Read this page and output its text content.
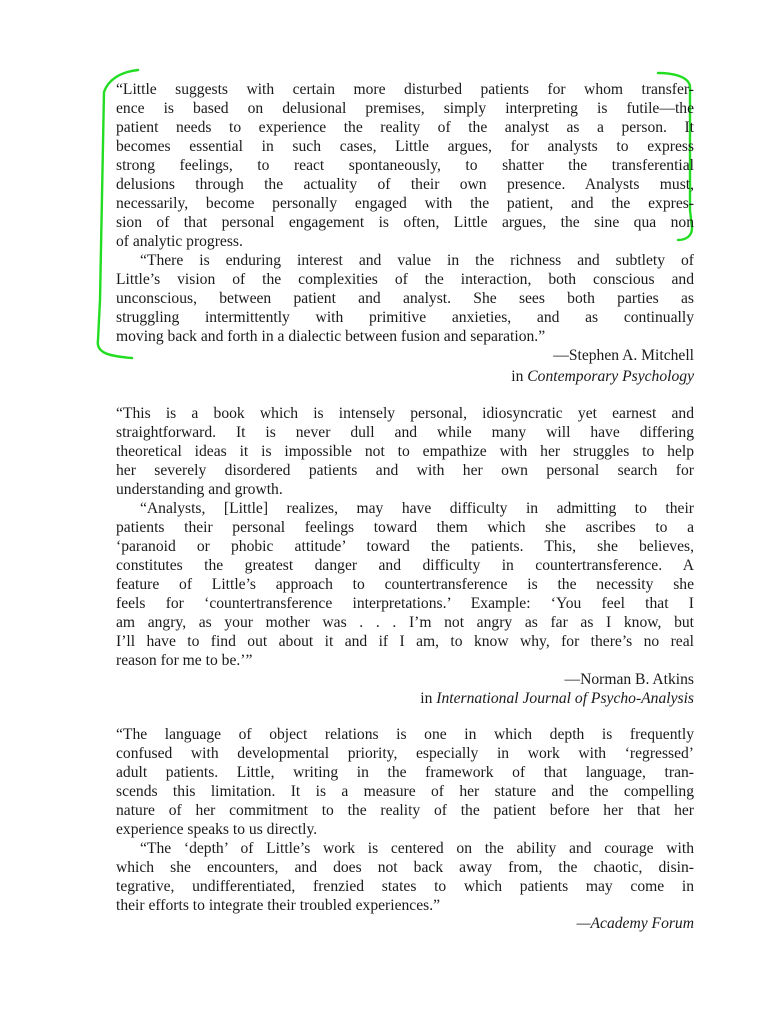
“Little suggests with certain more disturbed patients for whom transfer-
ence is based on delusional premises, simply interpreting is futile—the
patient needs to experience the reality of the analyst as a person. It
becomes essential in such cases, Little argues, for analysts to express
strong feelings, to react spontaneously, to shatter the transferential
delusions through the actuality of their own presence. Analysts must,
necessarily, become personally engaged with the patient, and the expres-
sion of that personal engagement is often, Little argues, the sine qua non
of analytic progress.
“There is enduring interest and value in the richness and subtlety of
Little’s vision of the complexities of the interaction, both conscious and
unconscious, between patient and analyst. She sees both parties as
struggling intermittently with primitive anxieties, and as continually
moving back and forth in a dialectic between fusion and separation.”
—Stephen A. Mitchell
in Contemporary Psychology
“This is a book which is intensely personal, idiosyncratic yet earnest and
straightforward. It is never dull and while many will have differing
theoretical ideas it is impossible not to empathize with her struggles to help
her severely disordered patients and with her own personal search for
understanding and growth.
“Analysts, [Little] realizes, may have difficulty in admitting to their
patients their personal feelings toward them which she ascribes to a
‘paranoid or phobic attitude’ toward the patients. This, she believes,
constitutes the greatest danger and difficulty in countertransference. A
feature of Little’s approach to countertransference is the necessity she
feels for ‘countertransference interpretations.’ Example: ‘You feel that I
am angry, as your mother was . . . I’m not angry as far as I know, but
I’ll have to find out about it and if I am, to know why, for there’s no real
reason for me to be.’”
—Norman B. Atkins
in International Journal of Psycho-Analysis
“The language of object relations is one in which depth is frequently
confused with developmental priority, especially in work with ‘regressed’
adult patients. Little, writing in the framework of that language, tran-
scends this limitation. It is a measure of her stature and the compelling
nature of her commitment to the reality of the patient before her that her
experience speaks to us directly.
“The ‘depth’ of Little’s work is centered on the ability and courage with
which she encounters, and does not back away from, the chaotic, disin-
tegrative, undifferentiated, frenzied states to which patients may come in
their efforts to integrate their troubled experiences.”
—Academy Forum
